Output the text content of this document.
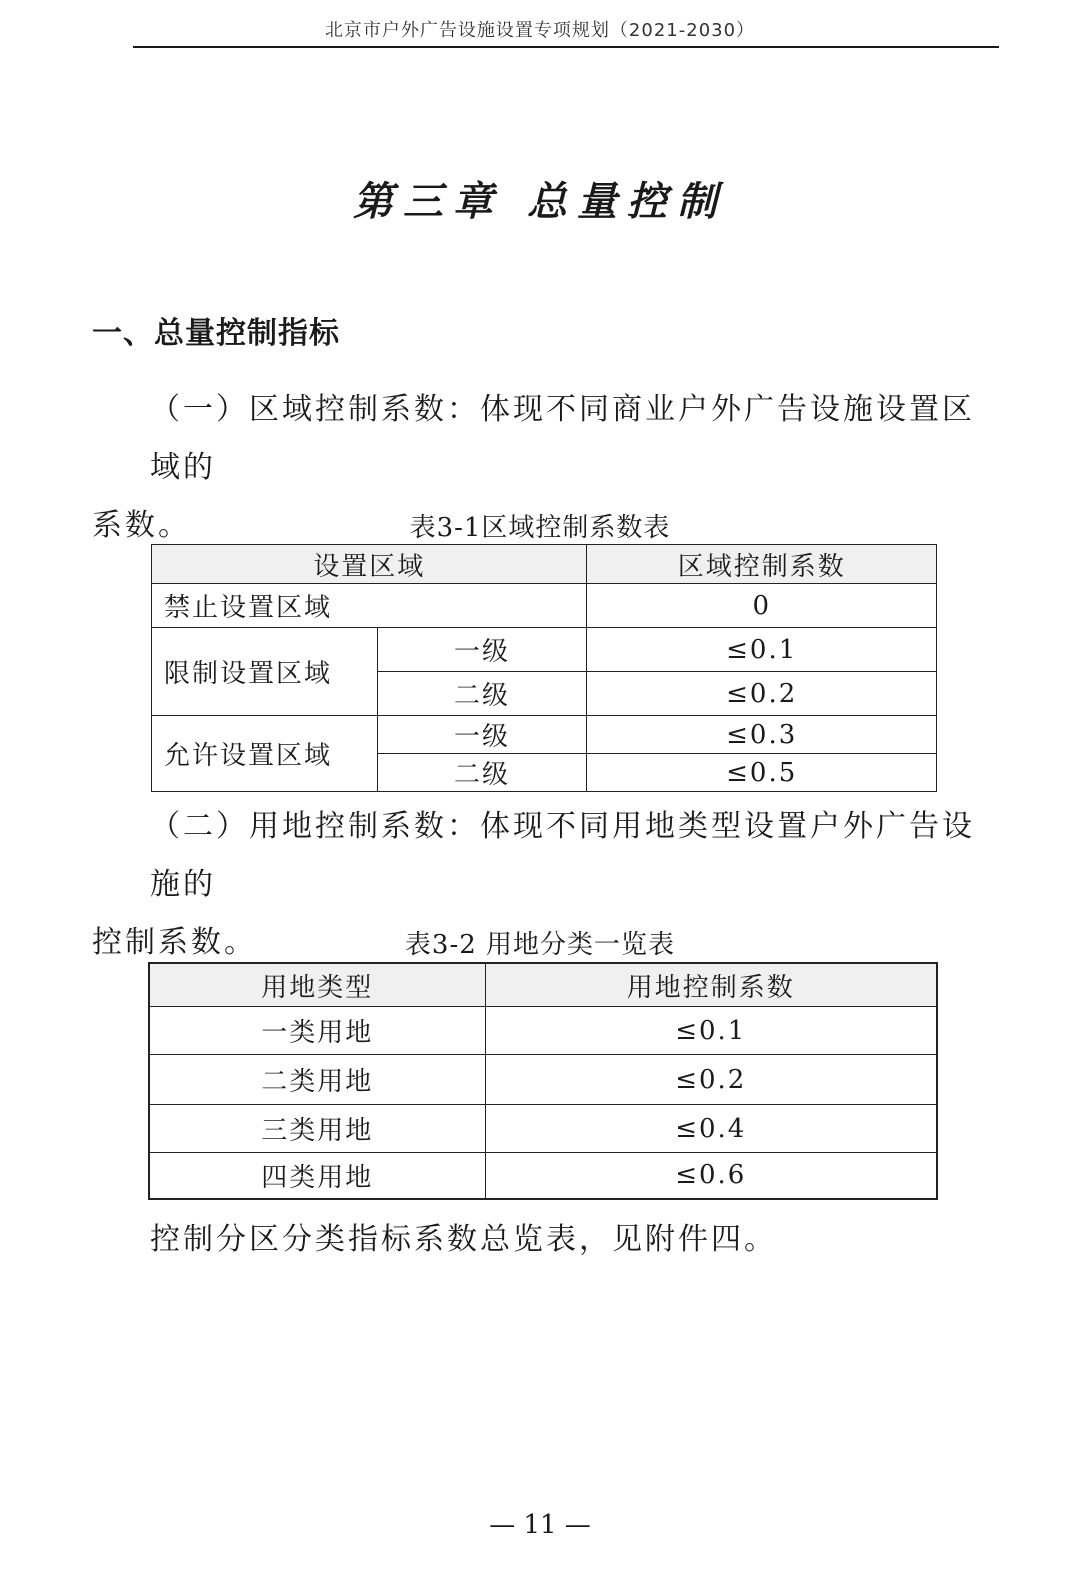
北京市户外广告设施设置专项规划（2021-2030）
第三章 总量控制
一、总量控制指标
（一）区域控制系数：体现不同商业户外广告设施设置区域的
系数。	表3-1区域控制系数表
设置区域		区域控制系数
禁止设置区域		0
限制设置区域	一级	≤0.1
	二级	≤0.2
允许设置区域	一级	≤0.3
	二级	≤0.5
（二）用地控制系数：体现不同用地类型设置户外广告设施的
控制系数。	表3-2 用地分类一览表
用地类型	用地控制系数
一类用地	≤0.1
二类用地	≤0.2
三类用地	≤0.4
四类用地	≤0.6
控制分区分类指标系数总览表，见附件四。
— 11 —
